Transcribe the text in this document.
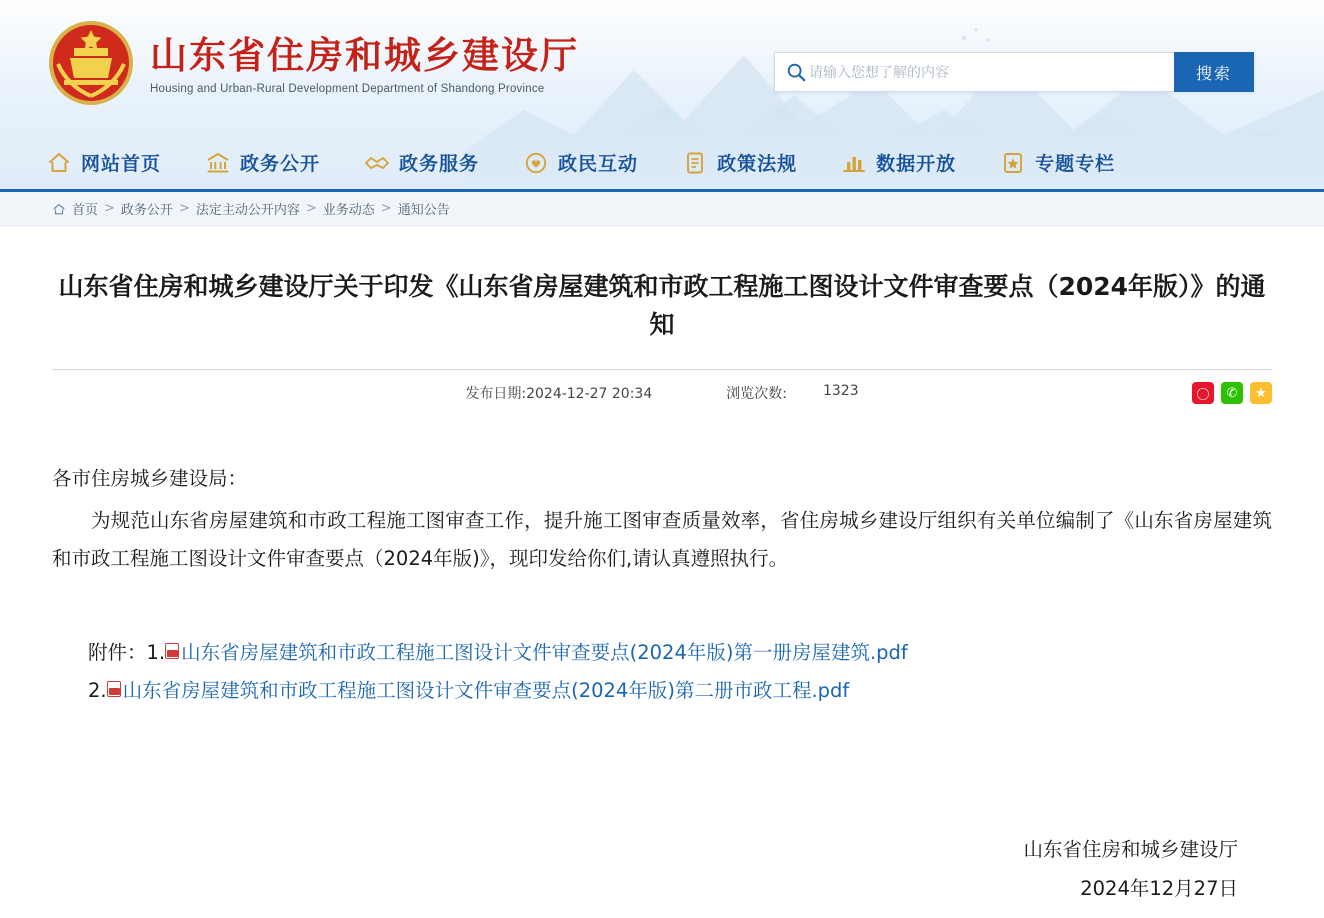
山东省住房和城乡建设厅
Housing and Urban-Rural Development Department of Shandong Province
请输入您想了解的内容
搜索
网站首页	政务公开	政务服务	政民互动	政策法规	数据开放	专题专栏
首页 > 政务公开 > 法定主动公开内容 > 业务动态 > 通知公告
山东省住房和城乡建设厅关于印发《山东省房屋建筑和市政工程施工图设计文件审查要点（2024年版）》的通知
发布日期:2024-12-27 20:34	浏览次数:	1323	〇	✆	★

各市住房城乡建设局：

为规范山东省房屋建筑和市政工程施工图审查工作，提升施工图审查质量效率，省住房城乡建设厅组织有关单位编制了《山东省房屋建筑和市政工程施工图设计文件审查要点（2024年版)》，现印发给你们,请认真遵照执行。

附件： 1. 山东省房屋建筑和市政工程施工图设计文件审查要点(2024年版)第一册房屋建筑.pdf
2. 山东省房屋建筑和市政工程施工图设计文件审查要点(2024年版)第二册市政工程.pdf
山东省住房和城乡建设厅
2024年12月27日
